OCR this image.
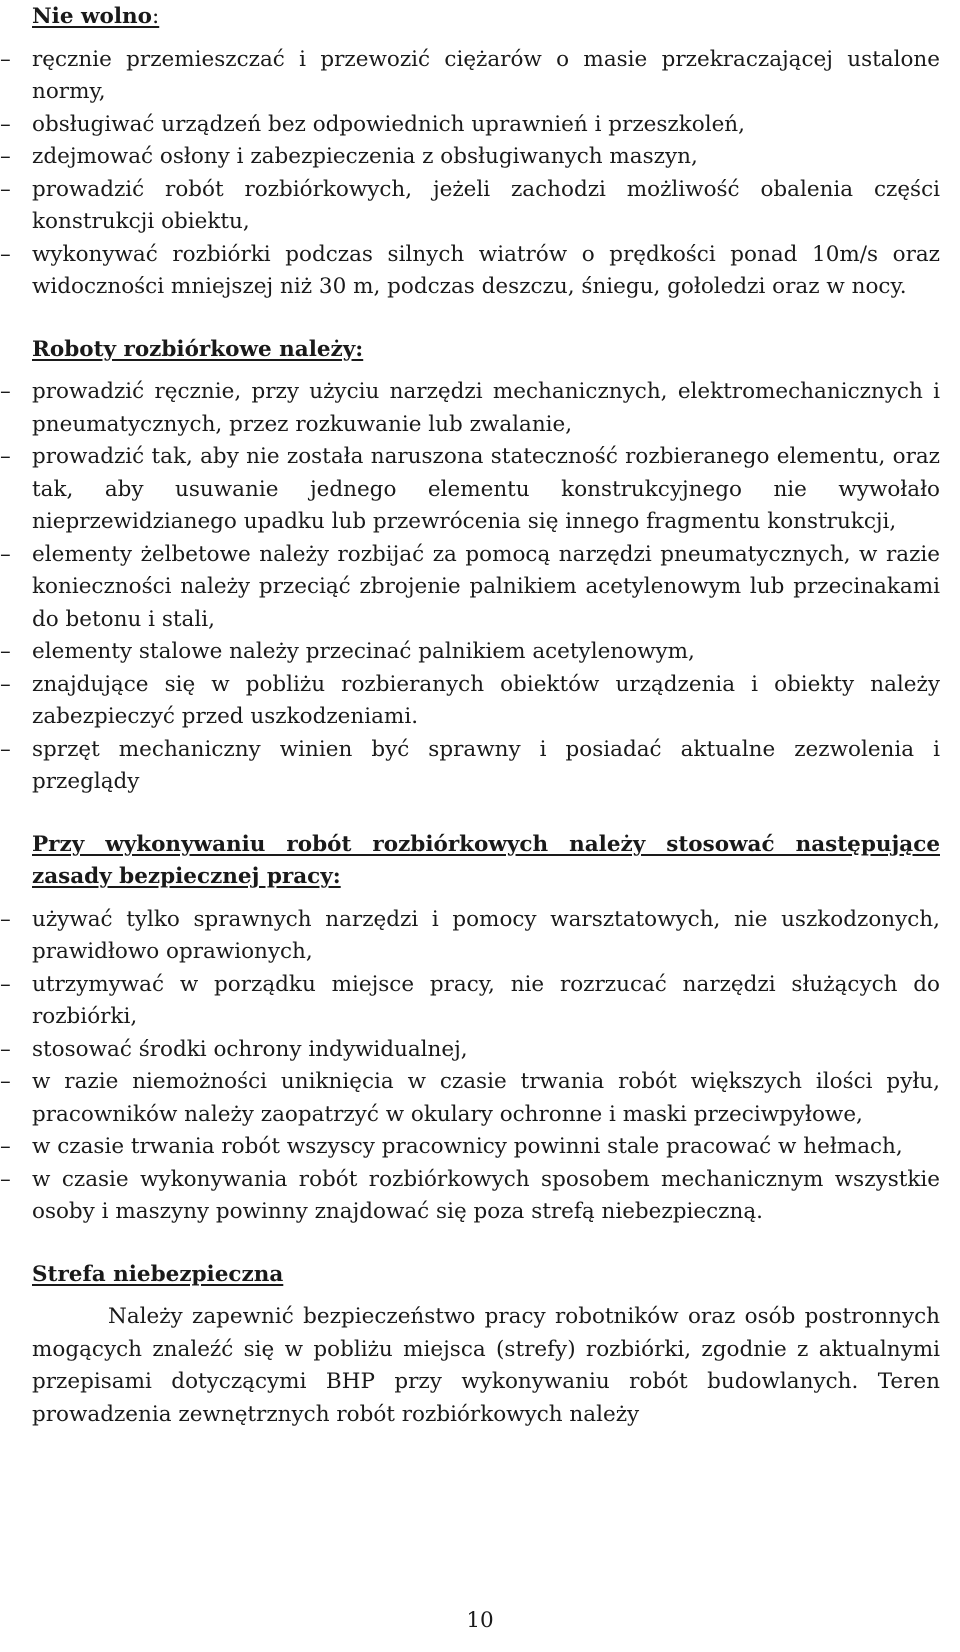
Nie wolno:

– ręcznie przemieszczać i przewozić ciężarów o masie przekraczającej ustalone normy,
– obsługiwać urządzeń bez odpowiednich uprawnień i przeszkoleń,
– zdejmować osłony i zabezpieczenia z obsługiwanych maszyn,
– prowadzić robót rozbiórkowych, jeżeli zachodzi możliwość obalenia części konstrukcji obiektu,
– wykonywać rozbiórki podczas silnych wiatrów o prędkości ponad 10m/s oraz widoczności mniejszej niż 30 m, podczas deszczu, śniegu, gołoledzi oraz w nocy.

Roboty rozbiórkowe należy:

– prowadzić ręcznie, przy użyciu narzędzi mechanicznych, elektromechanicznych i pneumatycznych, przez rozkuwanie lub zwalanie,
– prowadzić tak, aby nie została naruszona stateczność rozbieranego elementu, oraz tak, aby usuwanie jednego elementu konstrukcyjnego nie wywołało nieprzewidzianego upadku lub przewrócenia się innego fragmentu konstrukcji,
– elementy żelbetowe należy rozbijać za pomocą narzędzi pneumatycznych, w razie konieczności należy przeciąć zbrojenie palnikiem acetylenowym lub przecinakami do betonu i stali,
– elementy stalowe należy przecinać palnikiem acetylenowym,
– znajdujące się w pobliżu rozbieranych obiektów urządzenia i obiekty należy zabezpieczyć przed uszkodzeniami.
– sprzęt mechaniczny winien być sprawny i posiadać aktualne zezwolenia i przeglądy

Przy wykonywaniu robót rozbiórkowych należy stosować następujące zasady bezpiecznej pracy:

– używać tylko sprawnych narzędzi i pomocy warsztatowych, nie uszkodzonych, prawidłowo oprawionych,
– utrzymywać w porządku miejsce pracy, nie rozrzucać narzędzi służących do rozbiórki,
– stosować środki ochrony indywidualnej,
– w razie niemożności uniknięcia w czasie trwania robót większych ilości pyłu, pracowników należy zaopatrzyć w okulary ochronne i maski przeciwpyłowe,
– w czasie trwania robót wszyscy pracownicy powinni stale pracować w hełmach,
– w czasie wykonywania robót rozbiórkowych sposobem mechanicznym wszystkie osoby i maszyny powinny znajdować się poza strefą niebezpieczną.

Strefa niebezpieczna

Należy zapewnić bezpieczeństwo pracy robotników oraz osób postronnych mogących znaleźć się w pobliżu miejsca (strefy) rozbiórki, zgodnie z aktualnymi przepisami dotyczącymi BHP przy wykonywaniu robót budowlanych. Teren prowadzenia zewnętrznych robót rozbiórkowych należy

10
